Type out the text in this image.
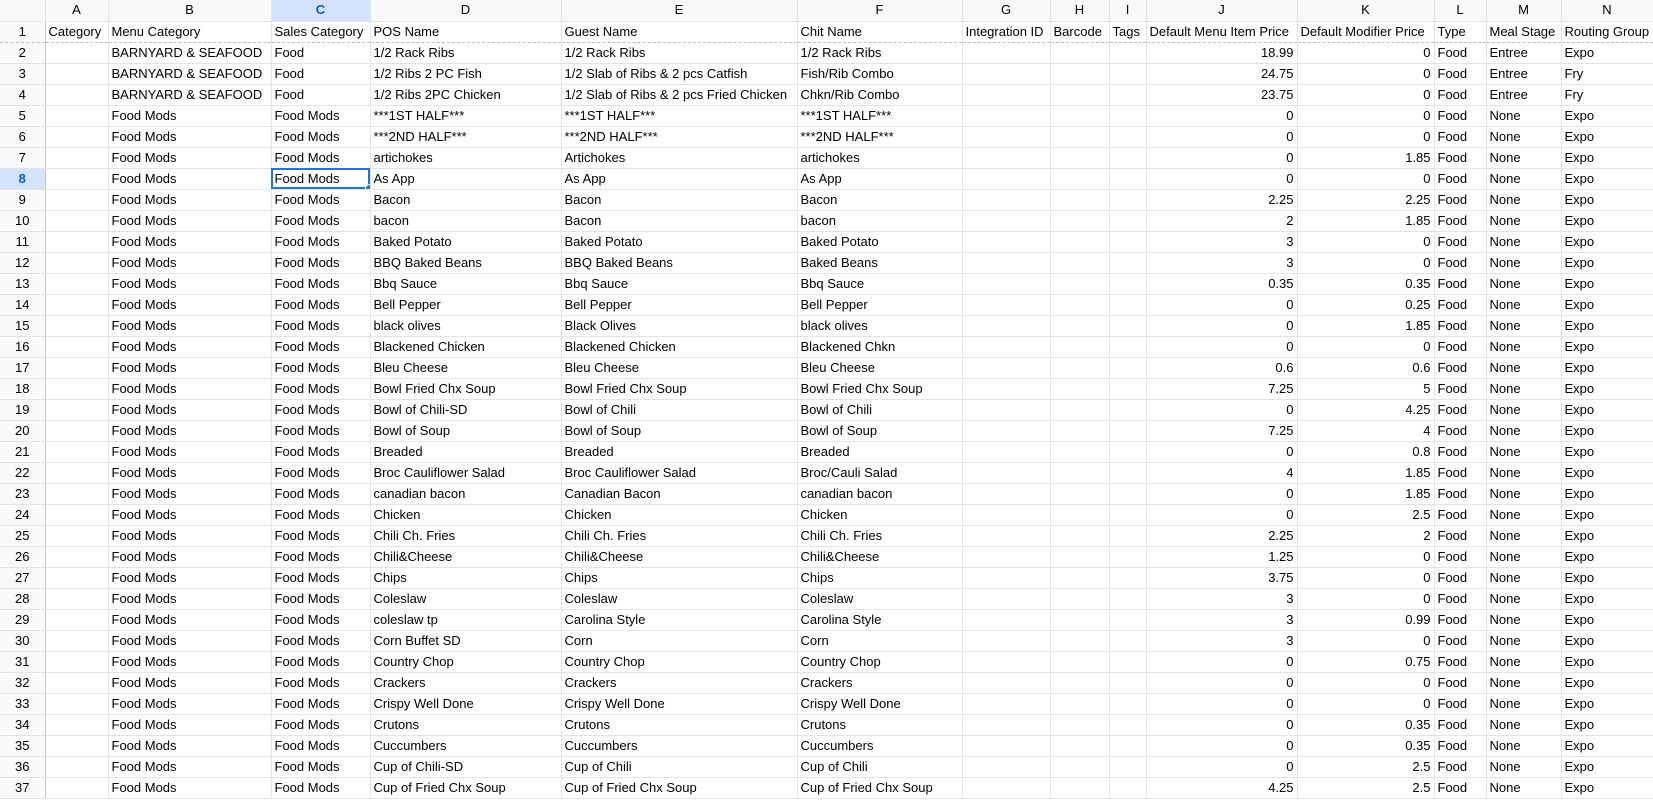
	A	B	C	D	E	F	G	H	I	J	K	L	M	N
1	Category	Menu Category	Sales Category	POS Name	Guest Name	Chit Name	Integration ID	Barcode	Tags	Default Menu Item Price	Default Modifier Price	Type	Meal Stage	Routing Group
2		BARNYARD & SEAFOOD	Food	1/2 Rack Ribs	1/2 Rack Ribs	1/2 Rack Ribs				18.99	0	Food	Entree	Expo
3		BARNYARD & SEAFOOD	Food	1/2 Ribs 2 PC Fish	1/2 Slab of Ribs & 2 pcs Catfish	Fish/Rib Combo				24.75	0	Food	Entree	Fry
4		BARNYARD & SEAFOOD	Food	1/2 Ribs 2PC Chicken	1/2 Slab of Ribs & 2 pcs Fried Chicken	Chkn/Rib Combo				23.75	0	Food	Entree	Fry
5		Food Mods	Food Mods	***1ST HALF***	***1ST HALF***	***1ST HALF***				0	0	Food	None	Expo
6		Food Mods	Food Mods	***2ND HALF***	***2ND HALF***	***2ND HALF***				0	0	Food	None	Expo
7		Food Mods	Food Mods	artichokes	Artichokes	artichokes				0	1.85	Food	None	Expo
8		Food Mods	Food Mods	As App	As App	As App				0	0	Food	None	Expo
9		Food Mods	Food Mods	Bacon	Bacon	Bacon				2.25	2.25	Food	None	Expo
10		Food Mods	Food Mods	bacon	Bacon	bacon				2	1.85	Food	None	Expo
11		Food Mods	Food Mods	Baked Potato	Baked Potato	Baked Potato				3	0	Food	None	Expo
12		Food Mods	Food Mods	BBQ Baked Beans	BBQ Baked Beans	Baked Beans				3	0	Food	None	Expo
13		Food Mods	Food Mods	Bbq Sauce	Bbq Sauce	Bbq Sauce				0.35	0.35	Food	None	Expo
14		Food Mods	Food Mods	Bell Pepper	Bell Pepper	Bell Pepper				0	0.25	Food	None	Expo
15		Food Mods	Food Mods	black olives	Black Olives	black olives				0	1.85	Food	None	Expo
16		Food Mods	Food Mods	Blackened Chicken	Blackened Chicken	Blackened Chkn				0	0	Food	None	Expo
17		Food Mods	Food Mods	Bleu Cheese	Bleu Cheese	Bleu Cheese				0.6	0.6	Food	None	Expo
18		Food Mods	Food Mods	Bowl Fried Chx Soup	Bowl Fried Chx Soup	Bowl Fried Chx Soup				7.25	5	Food	None	Expo
19		Food Mods	Food Mods	Bowl of Chili-SD	Bowl of Chili	Bowl of Chili				0	4.25	Food	None	Expo
20		Food Mods	Food Mods	Bowl of Soup	Bowl of Soup	Bowl of Soup				7.25	4	Food	None	Expo
21		Food Mods	Food Mods	Breaded	Breaded	Breaded				0	0.8	Food	None	Expo
22		Food Mods	Food Mods	Broc Cauliflower Salad	Broc Cauliflower Salad	Broc/Cauli Salad				4	1.85	Food	None	Expo
23		Food Mods	Food Mods	canadian bacon	Canadian Bacon	canadian bacon				0	1.85	Food	None	Expo
24		Food Mods	Food Mods	Chicken	Chicken	Chicken				0	2.5	Food	None	Expo
25		Food Mods	Food Mods	Chili Ch. Fries	Chili Ch. Fries	Chili Ch. Fries				2.25	2	Food	None	Expo
26		Food Mods	Food Mods	Chili&Cheese	Chili&Cheese	Chili&Cheese				1.25	0	Food	None	Expo
27		Food Mods	Food Mods	Chips	Chips	Chips				3.75	0	Food	None	Expo
28		Food Mods	Food Mods	Coleslaw	Coleslaw	Coleslaw				3	0	Food	None	Expo
29		Food Mods	Food Mods	coleslaw tp	Carolina Style	Carolina Style				3	0.99	Food	None	Expo
30		Food Mods	Food Mods	Corn Buffet SD	Corn	Corn				3	0	Food	None	Expo
31		Food Mods	Food Mods	Country Chop	Country Chop	Country Chop				0	0.75	Food	None	Expo
32		Food Mods	Food Mods	Crackers	Crackers	Crackers				0	0	Food	None	Expo
33		Food Mods	Food Mods	Crispy Well Done	Crispy Well Done	Crispy Well Done				0	0	Food	None	Expo
34		Food Mods	Food Mods	Crutons	Crutons	Crutons				0	0.35	Food	None	Expo
35		Food Mods	Food Mods	Cuccumbers	Cuccumbers	Cuccumbers				0	0.35	Food	None	Expo
36		Food Mods	Food Mods	Cup of Chili-SD	Cup of Chili	Cup of Chili				0	2.5	Food	None	Expo
37		Food Mods	Food Mods	Cup of Fried Chx Soup	Cup of Fried Chx Soup	Cup of Fried Chx Soup				4.25	2.5	Food	None	Expo
